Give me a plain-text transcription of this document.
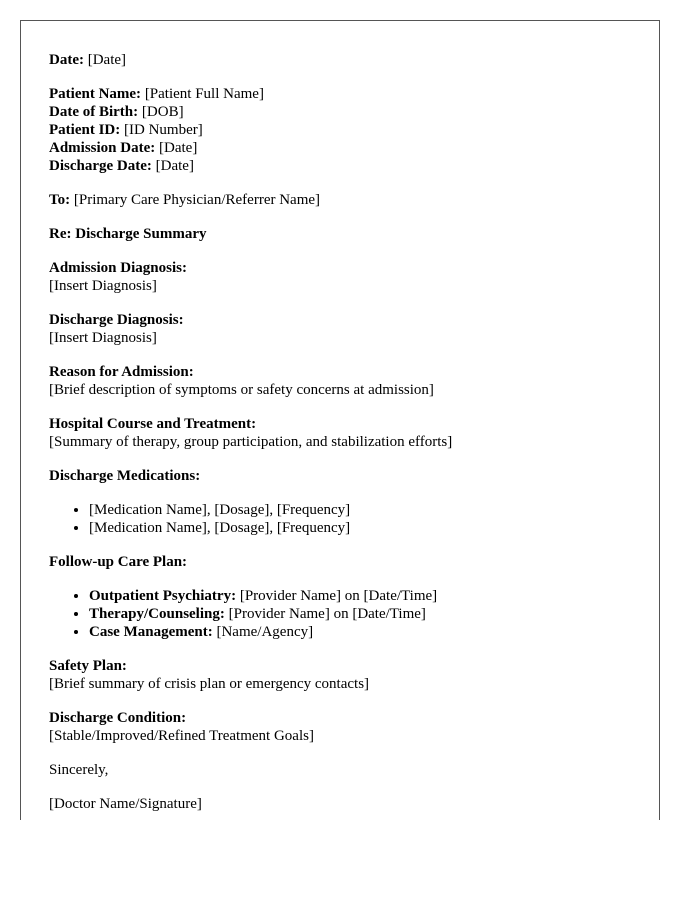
Date: [Date]

Patient Name: [Patient Full Name]
Date of Birth: [DOB]
Patient ID: [ID Number]
Admission Date: [Date]
Discharge Date: [Date]

To: [Primary Care Physician/Referrer Name]

Re: Discharge Summary

Admission Diagnosis:
[Insert Diagnosis]

Discharge Diagnosis:
[Insert Diagnosis]

Reason for Admission:
[Brief description of symptoms or safety concerns at admission]

Hospital Course and Treatment:
[Summary of therapy, group participation, and stabilization efforts]

Discharge Medications:

• [Medication Name], [Dosage], [Frequency]
• [Medication Name], [Dosage], [Frequency]

Follow-up Care Plan:

• Outpatient Psychiatry: [Provider Name] on [Date/Time]
• Therapy/Counseling: [Provider Name] on [Date/Time]
• Case Management: [Name/Agency]

Safety Plan:
[Brief summary of crisis plan or emergency contacts]

Discharge Condition:
[Stable/Improved/Refined Treatment Goals]

Sincerely,

[Doctor Name/Signature]
